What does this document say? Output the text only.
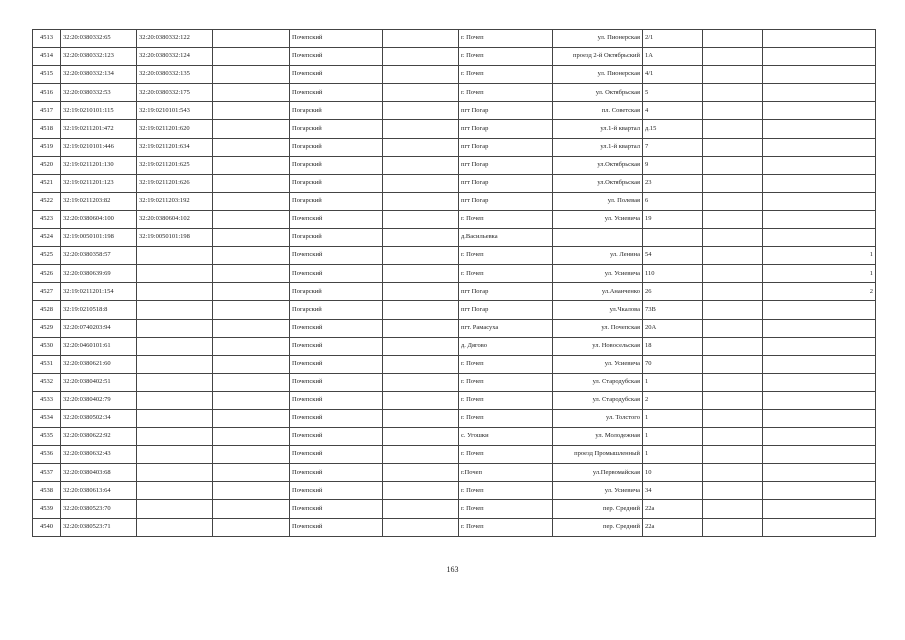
4513	32:20:0380332:65	32:20:0380332:122		Почепский		г. Почеп	ул. Пионерская	2/1		
4514	32:20:0380332:123	32:20:0380332:124		Почепский		г. Почеп	проезд 2-й Октябрьский	1А		
4515	32:20:0380332:134	32:20:0380332:135		Почепский		г. Почеп	ул. Пионерская	4/1		
4516	32:20:0380332:53	32:20:0380332:175		Почепский		г. Почеп	ул. Октябрьская	5		
4517	32:19:0210101:115	32:19:0210101:543		Погарский		пгт Погар	пл. Советская	4		
4518	32:19:0211201:472	32:19:0211201:620		Погарский		пгт Погар	ул.1-й квартал	д.15		
4519	32:19:0210101:446	32:19:0211201:634		Погарский		пгт Погар	ул.1-й квартал	7		
4520	32:19:0211201:130	32:19:0211201:625		Погарский		пгт Погар	ул.Октябрьская	9		
4521	32:19:0211201:123	32:19:0211201:626		Погарский		пгт Погар	ул.Октябрьская	23		
4522	32:19:0211203:82	32:19:0211203:192		Погарский		пгт Погар	ул. Полевая	6		
4523	32:20:0380604:100	32:20:0380604:102		Почепский		г. Почеп	ул. Усиевича	19		
4524	32:19:0050101:198	32:19:0050101:198		Погарский		д.Васильевка				
4525	32:20:0380358:57			Почепский		г. Почеп	ул. Ленина	54		1
4526	32:20:0380639:69			Почепский		г. Почеп	ул. Усиевича	110		1
4527	32:19:0211201:154			Погарский		пгт Погар	ул.Ананченко	26		2
4528	32:19:0210518:8			Погарский		пгт Погар	ул.Чкалова	73В		
4529	32:20:0740203:94			Почепский		пгт. Рамасуха	ул. Почепская	20А		
4530	32:20:0460101:61			Почепский		д. Дягово	ул. Новосельская	18		
4531	32:20:0380621:60			Почепский		г. Почеп	ул. Усиевича	70		
4532	32:20:0380402:51			Почепский		г. Почеп	ул. Стародубская	1		
4533	32:20:0380402:79			Почепский		г. Почеп	ул. Стародубская	2		
4534	32:20:0380502:34			Почепский		г. Почеп	ул. Толстого	1		
4535	32:20:0380622:92			Почепский		с. Угошки	ул. Молодежная	1		
4536	32:20:0380632:43			Почепский		г. Почеп	проезд Промышленный	1		
4537	32:20:0380403:68			Почепский		г.Почеп	ул.Первомайская	10		
4538	32:20:0380613:64			Почепский		г. Почеп	ул. Усиевича	34		
4539	32:20:0380523:70			Почепский		г. Почеп	пер. Средний	22а		
4540	32:20:0380523:71			Почепский		г. Почеп	пер. Средний	22а		
163
